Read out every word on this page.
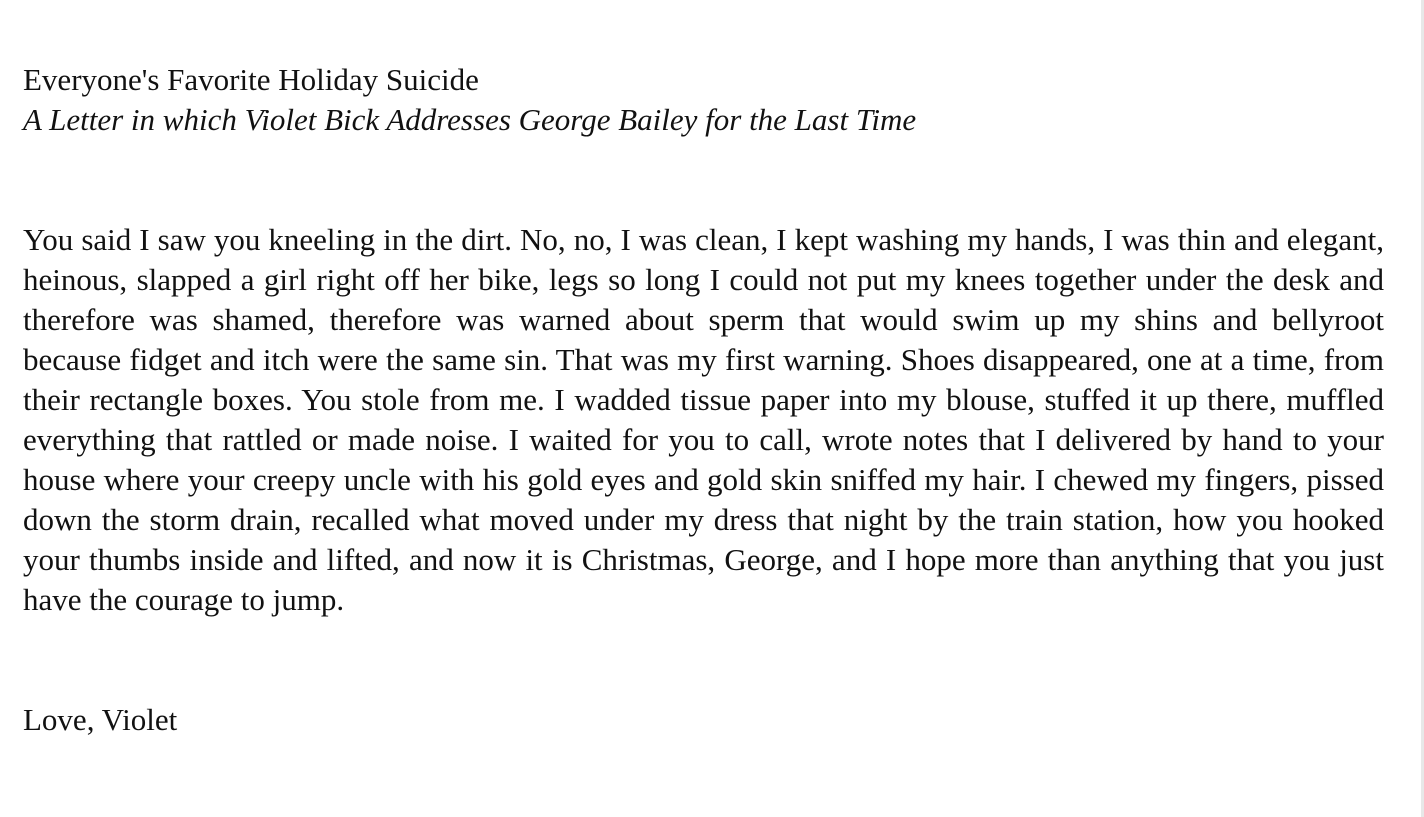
Everyone's Favorite Holiday Suicide
A Letter in which Violet Bick Addresses George Bailey for the Last Time

You said I saw you kneeling in the dirt. No, no, I was clean, I kept washing my hands, I was thin and elegant, heinous, slapped a girl right off her bike, legs so long I could not put my knees together under the desk and therefore was shamed, therefore was warned about sperm that would swim up my shins and bellyroot because fidget and itch were the same sin. That was my first warning. Shoes disappeared, one at a time, from their rectangle boxes. You stole from me. I wadded tissue paper into my blouse, stuffed it up there, muffled everything that rattled or made noise. I waited for you to call, wrote notes that I delivered by hand to your house where your creepy uncle with his gold eyes and gold skin sniffed my hair. I chewed my fingers, pissed down the storm drain, recalled what moved under my dress that night by the train station, how you hooked your thumbs inside and lifted, and now it is Christmas, George, and I hope more than anything that you just have the courage to jump.

Love, Violet
